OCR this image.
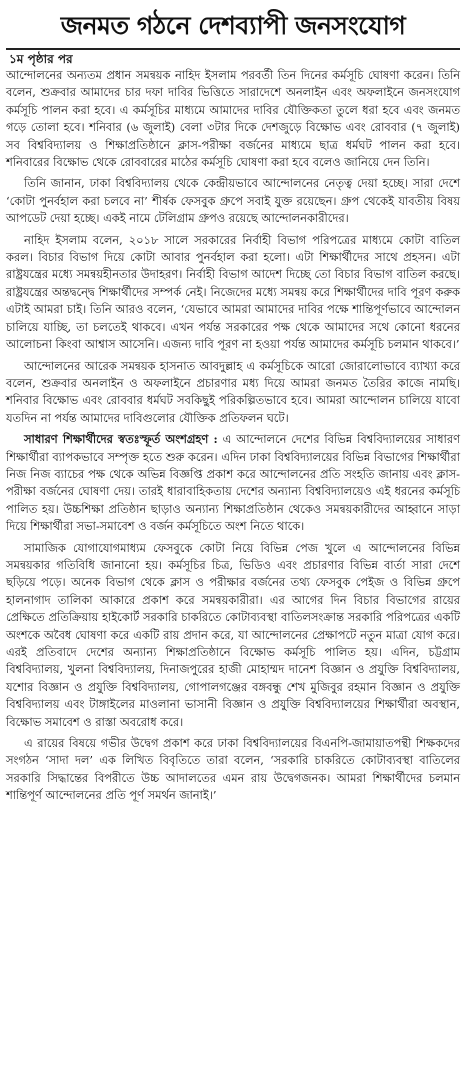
জনমত গঠনে দেশব্যাপী জনসংযোগ

১ম পৃষ্ঠার পর

আন্দোলনের অন্যতম প্রধান সমন্বয়ক নাহিদ ইসলাম পরবর্তী তিন দিনের কর্মসূচি ঘোষণা করেন। তিনি বলেন, শুক্রবার আমাদের চার দফা দাবির ভিত্তিতে সারাদেশে অনলাইন এবং অফলাইনে জনসংযোগ কর্মসূচি পালন করা হবে। এ কর্মসূচির মাধ্যমে আমাদের দাবির যৌক্তিকতা তুলে ধরা হবে এবং জনমত গড়ে তোলা হবে। শনিবার (৬ জুলাই) বেলা ৩টার দিকে দেশজুড়ে বিক্ষোভ এবং রোববার (৭ জুলাই) সব বিশ্ববিদ্যালয় ও শিক্ষাপ্রতিষ্ঠানে ক্লাস-পরীক্ষা বর্জনের মাধ্যমে ছাত্র ধর্মঘট পালন করা হবে। শনিবারের বিক্ষোভ থেকে রোববারের মাঠের কর্মসূচি ঘোষণা করা হবে বলেও জানিয়ে দেন তিনি।

তিনি জানান, ঢাকা বিশ্ববিদ্যালয় থেকে কেন্দ্রীয়ভাবে আন্দোলনের নেতৃত্ব দেয়া হচ্ছে। সারা দেশে ‘কোটা পুনর্বহাল করা চলবে না’ শীর্ষক ফেসবুক গ্রুপে সবাই যুক্ত রয়েছেন। গ্রুপ থেকেই যাবতীয় বিষয় আপডেট দেয়া হচ্ছে। একই নামে টেলিগ্রাম গ্রুপও রয়েছে আন্দোলনকারীদের।

নাহিদ ইসলাম বলেন, ২০১৮ সালে সরকারের নির্বাহী বিভাগ পরিপত্রের মাধ্যমে কোটা বাতিল করল। বিচার বিভাগ দিয়ে কোটা আবার পুনর্বহাল করা হলো। এটা শিক্ষার্থীদের সাথে প্রহসন। এটা রাষ্ট্রযন্ত্রের মধ্যে সমন্বয়হীনতার উদাহরণ। নির্বাহী বিভাগ আদেশ দিচ্ছে তো বিচার বিভাগ বাতিল করছে। রাষ্ট্রযন্ত্রের অন্তদ্বন্দ্বে শিক্ষার্থীদের সম্পর্ক নেই। নিজেদের মধ্যে সমন্বয় করে শিক্ষার্থীদের দাবি পূরণ করুক এটাই আমরা চাই। তিনি আরও বলেন, ‘যেভাবে আমরা আমাদের দাবির পক্ষে শান্তিপূর্ণভাবে আন্দোলন চালিয়ে যাচ্ছি, তা চলতেই থাকবে। এখন পর্যন্ত সরকারের পক্ষ থেকে আমাদের সথে কোনো ধরনের আলোচনা কিংবা আশ্বাস আসেনি। এজন্য দাবি পূরণ না হওয়া পর্যন্ত আমাদের কর্মসূচি চলমান থাকবে।’

আন্দোলনের আরেক সমন্বয়ক হাসনাত আবদুল্লাহ এ কর্মসূচিকে আরো জোরালোভাবে ব্যাখ্যা করে বলেন, শুক্রবার অনলাইন ও অফলাইনে প্রচারণার মধ্য দিয়ে আমরা জনমত তৈরির কাজে নামছি। শনিবার বিক্ষোভ এবং রোববার ধর্মঘট সবকিছুই পরিকল্পিতভাবে হবে। আমরা আন্দোলন চালিয়ে যাবো যতদিন না পর্যন্ত আমাদের দাবিগুলোর যৌক্তিক প্রতিফলন ঘটে।

সাধারণ শিক্ষার্থীদের স্বতঃস্ফূর্ত অংশগ্রহণ : এ আন্দোলনে দেশের বিভিন্ন বিশ্ববিদ্যালয়ের সাধারণ শিক্ষার্থীরা ব্যাপকভাবে সম্পৃক্ত হতে শুরু করেন। এদিন ঢাকা বিশ্ববিদ্যালয়ের বিভিন্ন বিভাগের শিক্ষার্থীরা নিজ নিজ ব্যাচের পক্ষ থেকে অভিন্ন বিজ্ঞপ্তি প্রকাশ করে আন্দোলনের প্রতি সংহতি জানায় এবং ক্লাস-পরীক্ষা বর্জনের ঘোষণা দেয়। তারই ধারাবাহিকতায় দেশের অন্যান্য বিশ্ববিদ্যালয়েও এই ধরনের কর্মসূচি পালিত হয়। উচ্চশিক্ষা প্রতিষ্ঠান ছাড়াও অন্যান্য শিক্ষাপ্রতিষ্ঠান থেকেও সমন্বয়কারীদের আহ্বানে সাড়া দিয়ে শিক্ষার্থীরা সভা-সমাবেশ ও বর্জন কর্মসূচিতে অংশ নিতে থাকে।

সামাজিক যোগাযোগমাধ্যম ফেসবুকে কোটা নিয়ে বিভিন্ন পেজ খুলে এ আন্দোলনের বিভিন্ন সমন্বয়কার গতিবিধি জানানো হয়। কর্মসূচির চিত্র, ভিডিও এবং প্রচারণার বিভিন্ন বার্তা সারা দেশে ছড়িয়ে পড়ে। অনেক বিভাগ থেকে ক্লাস ও পরীক্ষার বর্জনের তথ্য ফেসবুক পেইজ ও বিভিন্ন গ্রুপে হালনাগাদ তালিকা আকারে প্রকাশ করে সমন্বয়কারীরা। এর আগের দিন বিচার বিভাগের রায়ের প্রেক্ষিতে প্রতিক্রিয়ায় হাইকোর্ট সরকারি চাকরিতে কোটাব্যবস্থা বাতিলসংক্রান্ত সরকারি পরিপত্রের একটি অংশকে অবৈধ ঘোষণা করে একটি রায় প্রদান করে, যা আন্দোলনের প্রেক্ষাপটে নতুন মাত্রা যোগ করে। এরই প্রতিবাদে দেশের অন্যান্য শিক্ষাপ্রতিষ্ঠানে বিক্ষোভ কর্মসূচি পালিত হয়। এদিন, চট্টগ্রাম বিশ্ববিদ্যালয়, খুলনা বিশ্ববিদ্যালয়, দিনাজপুরের হাজী মোহাম্মদ দানেশ বিজ্ঞান ও প্রযুক্তি বিশ্ববিদ্যালয়, যশোর বিজ্ঞান ও প্রযুক্তি বিশ্ববিদ্যালয়, গোপালগঞ্জের বঙ্গবন্ধু শেখ মুজিবুর রহমান বিজ্ঞান ও প্রযুক্তি বিশ্ববিদ্যালয় এবং টাঙ্গাইলের মাওলানা ভাসানী বিজ্ঞান ও প্রযুক্তি বিশ্ববিদ্যালয়ের শিক্ষার্থীরা অবস্থান, বিক্ষোভ সমাবেশ ও রাস্তা অবরোধ করে।

এ রায়ের বিষয়ে গভীর উদ্বেগ প্রকাশ করে ঢাকা বিশ্ববিদ্যালয়ের বিএনপি-জামায়াতপন্থী শিক্ষকদের সংগঠন ‘সাদা দল’ এক লিখিত বিবৃতিতে তারা বলেন, ‘সরকারি চাকরিতে কোটাব্যবস্থা বাতিলের সরকারি সিদ্ধান্তের বিপরীতে উচ্চ আদালতের এমন রায় উদ্বেগজনক। আমরা শিক্ষার্থীদের চলমান শান্তিপূর্ণ আন্দোলনের প্রতি পূর্ণ সমর্থন জানাই।’
